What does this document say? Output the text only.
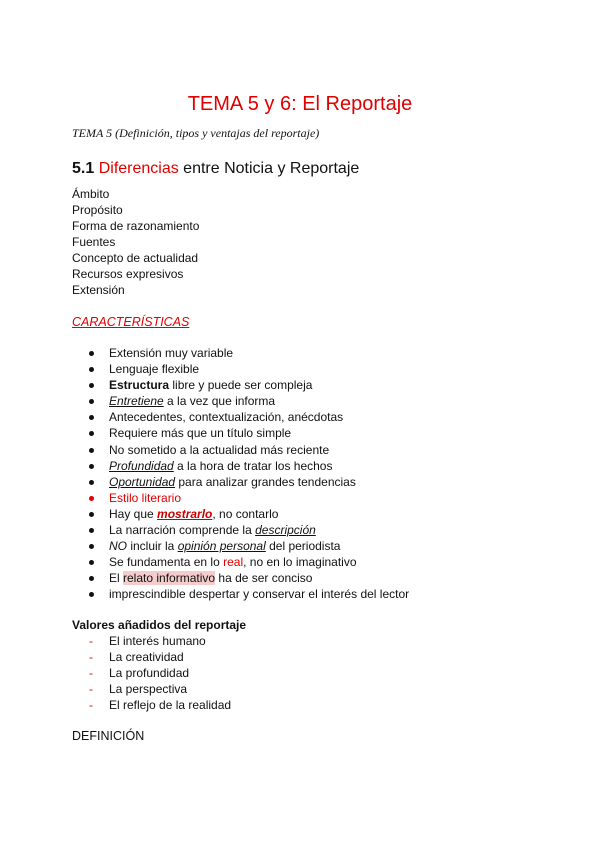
TEMA 5 y 6: El Reportaje
TEMA 5 (Definición, tipos y ventajas del reportaje)
5.1 Diferencias entre Noticia y Reportaje
Ámbito
Propósito
Forma de razonamiento
Fuentes
Concepto de actualidad
Recursos expresivos
Extensión
CARACTERÍSTICAS
Extensión muy variable
Lenguaje flexible
Estructura libre y puede ser compleja
Entretiene a la vez que informa
Antecedentes, contextualización, anécdotas
Requiere más que un título simple
No sometido a la actualidad más reciente
Profundidad a la hora de tratar los hechos
Oportunidad para analizar grandes tendencias
Estilo literario
Hay que mostrarlo, no contarlo
La narración comprende la descripción
NO incluir la opinión personal del periodista
Se fundamenta en lo real, no en lo imaginativo
El relato informativo ha de ser conciso
imprescindible despertar y conservar el interés del lector
Valores añadidos del reportaje
- El interés humano
- La creatividad
- La profundidad
- La perspectiva
- El reflejo de la realidad
DEFINICIÓN
